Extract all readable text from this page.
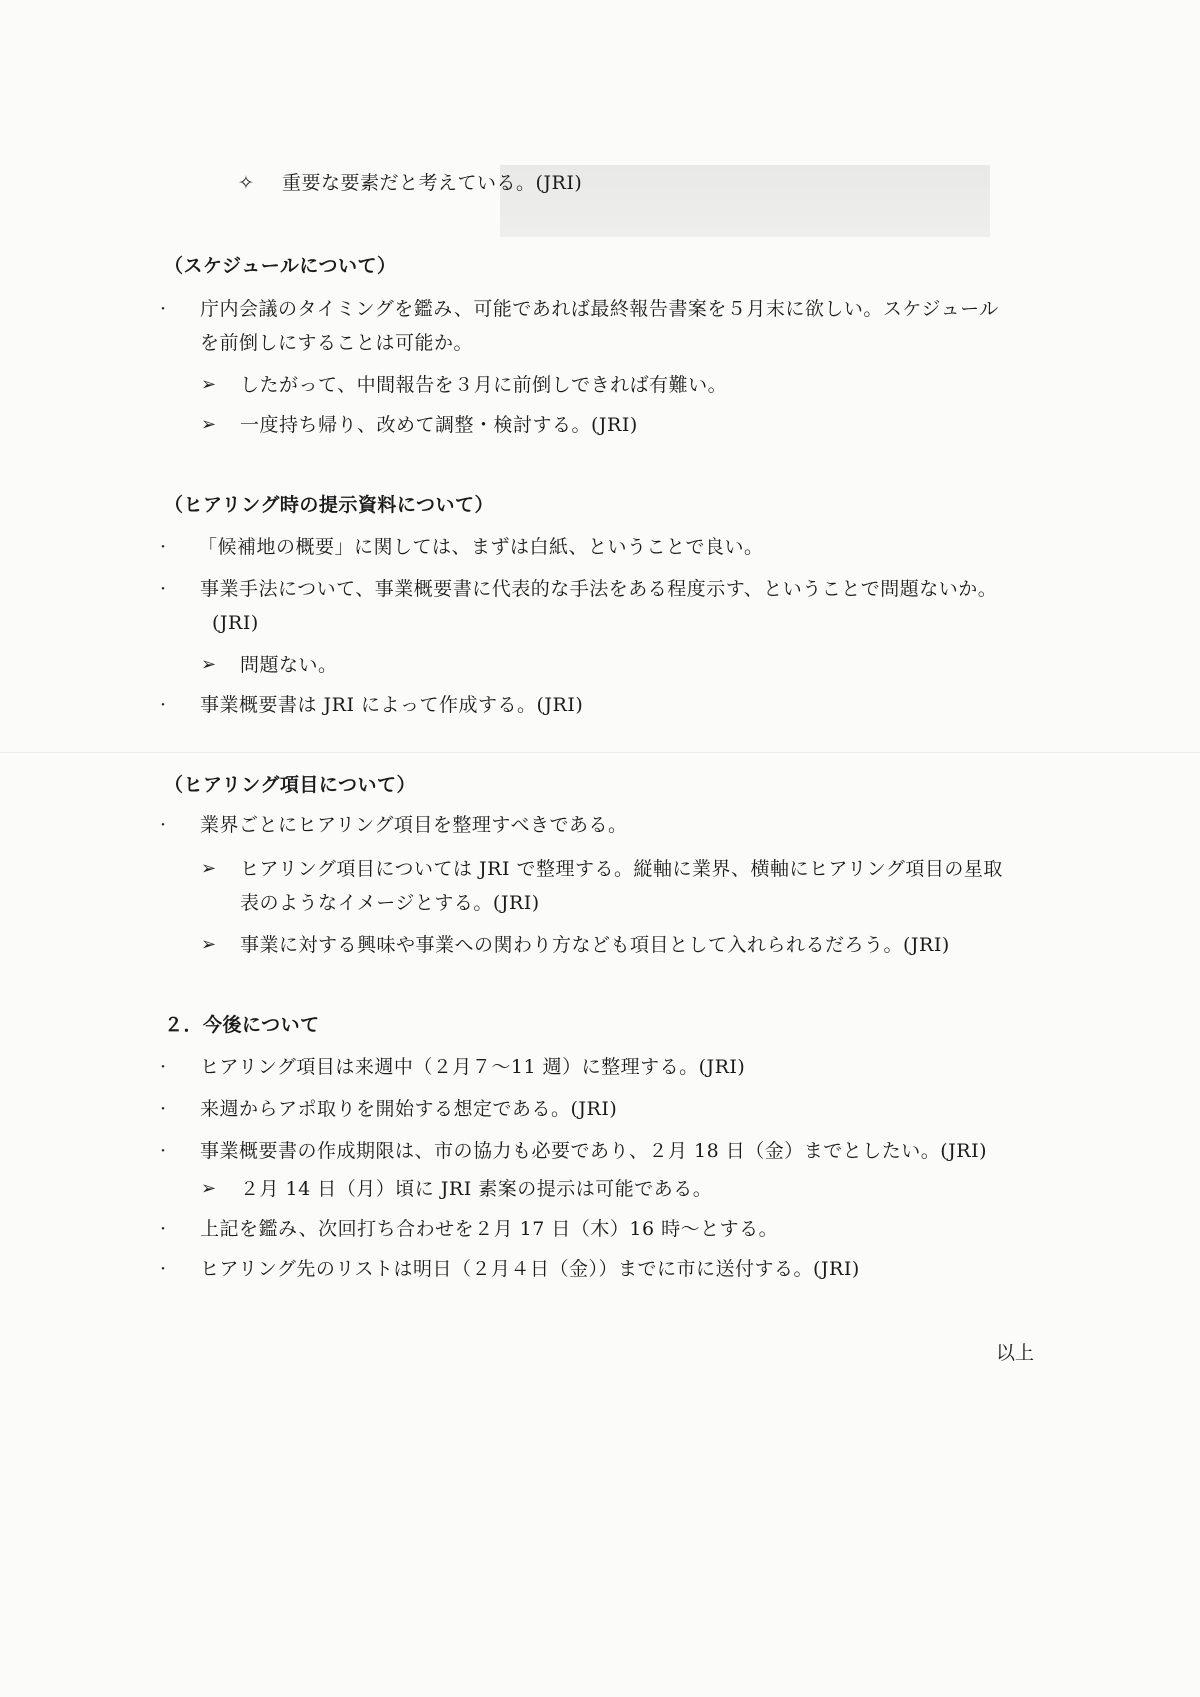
✧ 重要な要素だと考えている。(JRI)
（スケジュールについて）
· 庁内会議のタイミングを鑑み、可能であれば最終報告書案を５月末に欲しい。スケジュール
を前倒しにすることは可能か。
➢ したがって、中間報告を３月に前倒しできれば有難い。
➢ 一度持ち帰り、改めて調整・検討する。(JRI)
（ヒアリング時の提示資料について）
· 「候補地の概要」に関しては、まずは白紙、ということで良い。
· 事業手法について、事業概要書に代表的な手法をある程度示す、ということで問題ないか。
(JRI)
➢ 問題ない。
· 事業概要書は JRI によって作成する。(JRI)
（ヒアリング項目について）
· 業界ごとにヒアリング項目を整理すべきである。
➢ ヒアリング項目については JRI で整理する。縦軸に業界、横軸にヒアリング項目の星取
表のようなイメージとする。(JRI)
➢ 事業に対する興味や事業への関わり方なども項目として入れられるだろう。(JRI)
２．今後について
· ヒアリング項目は来週中（２月７～11 週）に整理する。(JRI)
· 来週からアポ取りを開始する想定である。(JRI)
· 事業概要書の作成期限は、市の協力も必要であり、２月 18 日（金）までとしたい。(JRI)
➢ ２月 14 日（月）頃に JRI 素案の提示は可能である。
· 上記を鑑み、次回打ち合わせを２月 17 日（木）16 時～とする。
· ヒアリング先のリストは明日（２月４日（金））までに市に送付する。(JRI)
以上
